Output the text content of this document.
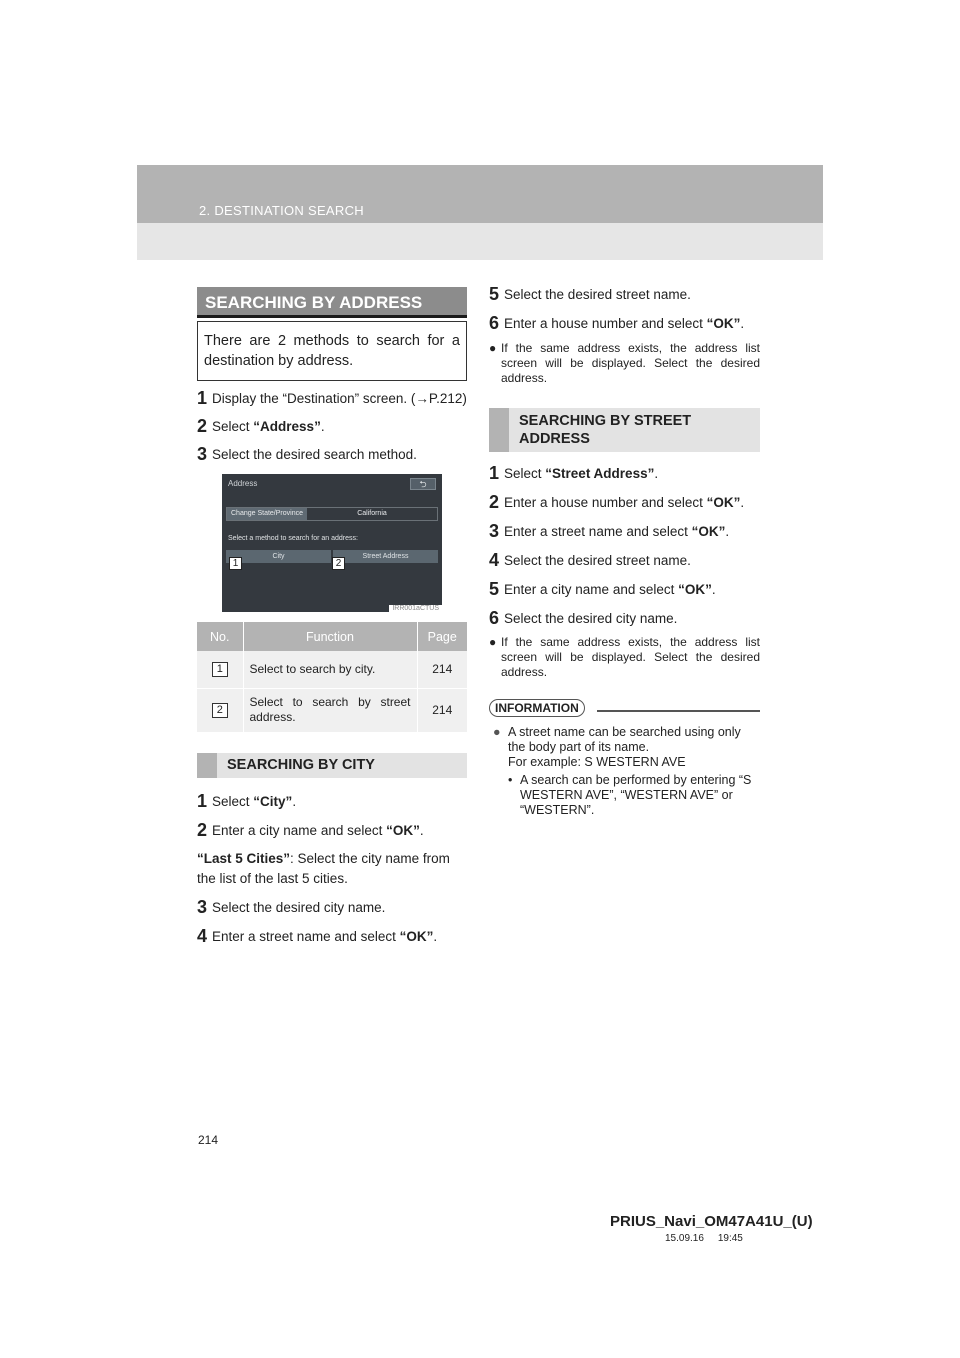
2. DESTINATION SEARCH
SEARCHING BY ADDRESS
There are 2 methods to search for a destination by address.
1 Display the “Destination” screen. (→P.212)
2 Select “Address”.
3 Select the desired search method.
Address	⮌
Change State/Province	California
Select a method to search for an address:
City	Street Address
1	2
IRR001aCTUS
No.	Function	Page
1	Select to search by city.	214
2	Select to search by street address.	214
SEARCHING BY CITY
1 Select “City”.
2 Enter a city name and select “OK”.
“Last 5 Cities”: Select the city name from the list of the last 5 cities.
3 Select the desired city name.
4 Enter a street name and select “OK”.
5 Select the desired street name.
6 Enter a house number and select “OK”.
● If the same address exists, the address list screen will be displayed. Select the desired address.
SEARCHING BY STREET ADDRESS
1 Select “Street Address”.
2 Enter a house number and select “OK”.
3 Enter a street name and select “OK”.
4 Select the desired street name.
5 Enter a city name and select “OK”.
6 Select the desired city name.
● If the same address exists, the address list screen will be displayed. Select the desired address.
INFORMATION
● A street name can be searched using only the body part of its name.
For example: S WESTERN AVE
• A search can be performed by entering “S WESTERN AVE”, “WESTERN AVE” or “WESTERN”.
214
PRIUS_Navi_OM47A41U_(U)
15.09.16     19:45
